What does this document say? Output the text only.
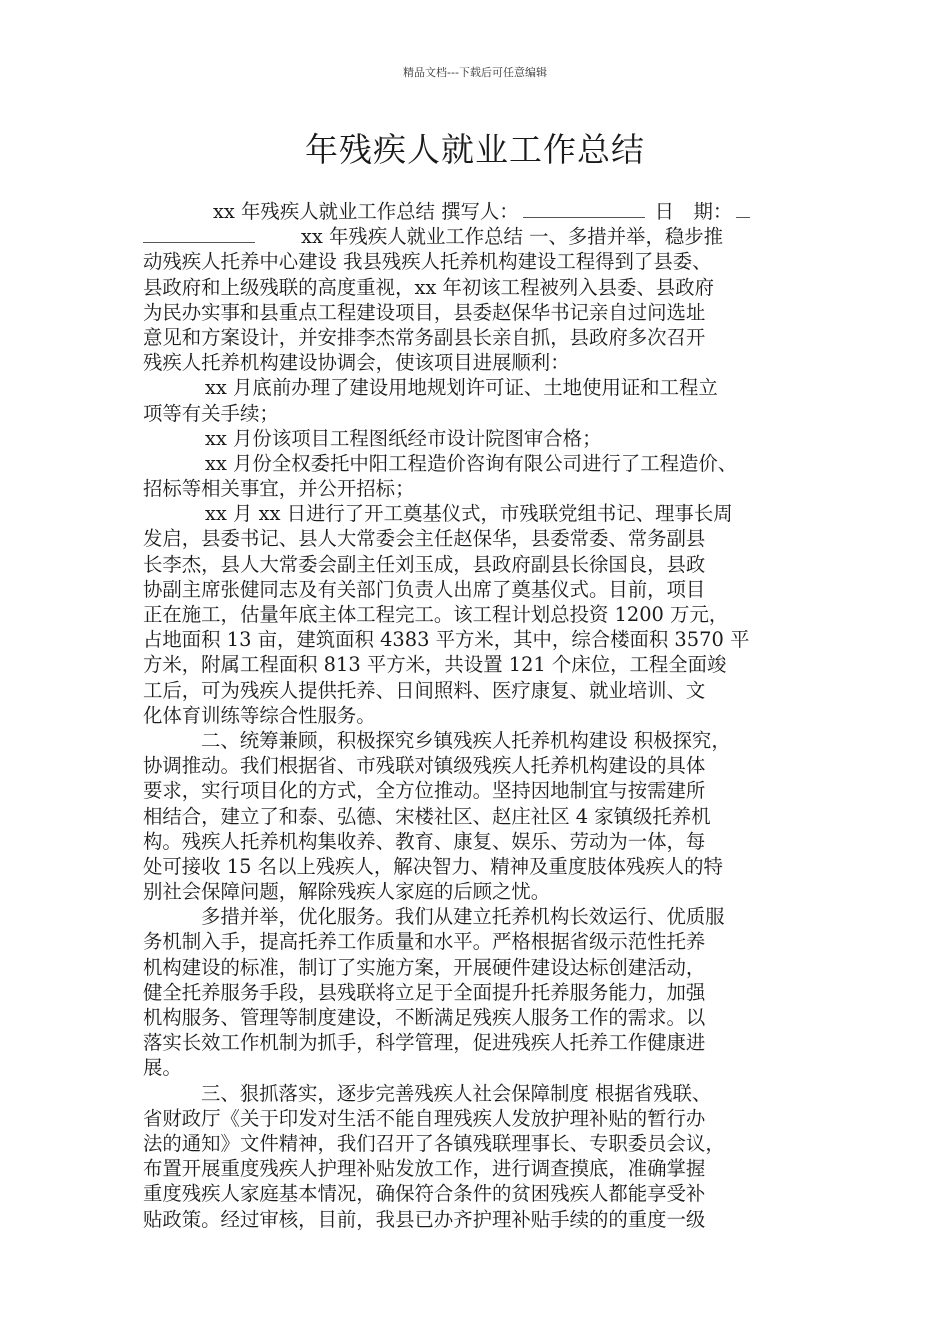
精品文档---下载后可任意编辑
年残疾人就业工作总结
xx 年残疾人就业工作总结 撰写人：	日　期：
xx 年残疾人就业工作总结 一、多措并举，稳步推
动残疾人托养中心建设 我县残疾人托养机构建设工程得到了县委、
县政府和上级残联的高度重视，xx 年初该工程被列入县委、县政府
为民办实事和县重点工程建设项目，县委赵保华书记亲自过问选址
意见和方案设计，并安排李杰常务副县长亲自抓，县政府多次召开
残疾人托养机构建设协调会，使该项目进展顺利：
xx 月底前办理了建设用地规划许可证、土地使用证和工程立
项等有关手续；
xx 月份该项目工程图纸经市设计院图审合格；
xx 月份全权委托中阳工程造价咨询有限公司进行了工程造价、
招标等相关事宜，并公开招标；
xx 月 xx 日进行了开工奠基仪式，市残联党组书记、理事长周
发启，县委书记、县人大常委会主任赵保华，县委常委、常务副县
长李杰，县人大常委会副主任刘玉成，县政府副县长徐国良，县政
协副主席张健同志及有关部门负责人出席了奠基仪式。目前，项目
正在施工，估量年底主体工程完工。该工程计划总投资 1200 万元，
占地面积 13 亩，建筑面积 4383 平方米，其中，综合楼面积 3570 平
方米，附属工程面积 813 平方米，共设置 121 个床位，工程全面竣
工后，可为残疾人提供托养、日间照料、医疗康复、就业培训、文
化体育训练等综合性服务。
二、统筹兼顾，积极探究乡镇残疾人托养机构建设 积极探究，
协调推动。我们根据省、市残联对镇级残疾人托养机构建设的具体
要求，实行项目化的方式，全方位推动。坚持因地制宜与按需建所
相结合，建立了和泰、弘德、宋楼社区、赵庄社区 4 家镇级托养机
构。残疾人托养机构集收养、教育、康复、娱乐、劳动为一体，每
处可接收 15 名以上残疾人，解决智力、精神及重度肢体残疾人的特
别社会保障问题，解除残疾人家庭的后顾之忧。
多措并举，优化服务。我们从建立托养机构长效运行、优质服
务机制入手，提高托养工作质量和水平。严格根据省级示范性托养
机构建设的标准，制订了实施方案，开展硬件建设达标创建活动，
健全托养服务手段，县残联将立足于全面提升托养服务能力，加强
机构服务、管理等制度建设，不断满足残疾人服务工作的需求。以
落实长效工作机制为抓手，科学管理，促进残疾人托养工作健康进
展。
三、狠抓落实，逐步完善残疾人社会保障制度 根据省残联、
省财政厅《关于印发对生活不能自理残疾人发放护理补贴的暂行办
法的通知》文件精神，我们召开了各镇残联理事长、专职委员会议，
布置开展重度残疾人护理补贴发放工作，进行调查摸底，准确掌握
重度残疾人家庭基本情况，确保符合条件的贫困残疾人都能享受补
贴政策。经过审核，目前，我县已办齐护理补贴手续的的重度一级
